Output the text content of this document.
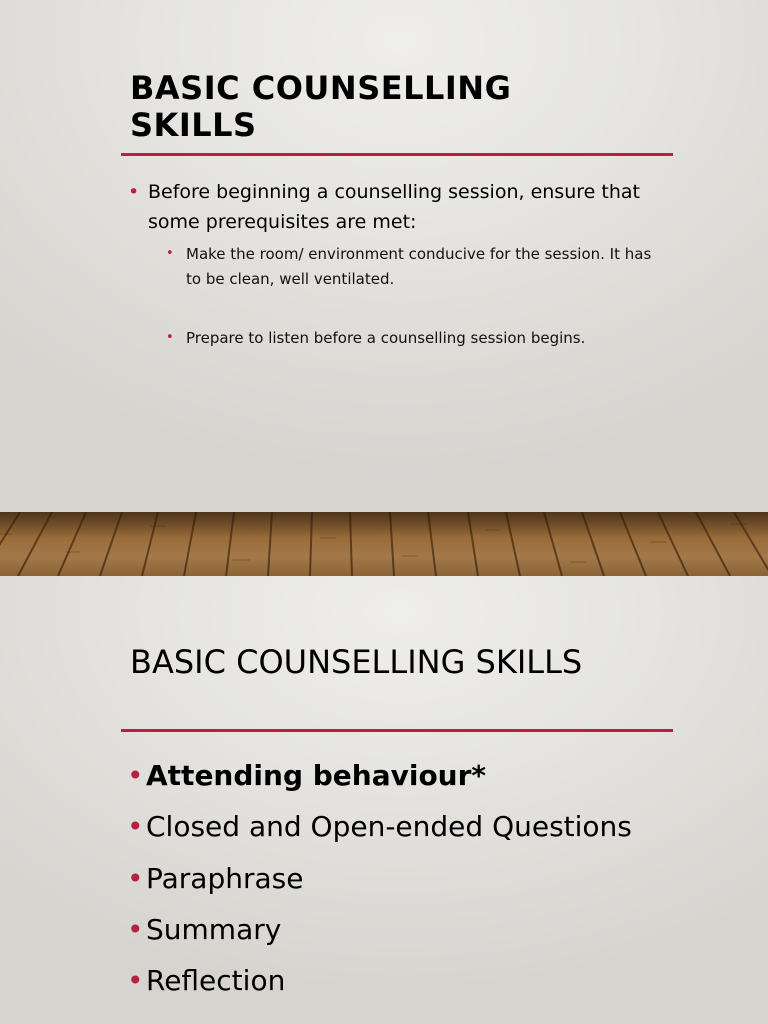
BASIC COUNSELLING
SKILLS
• Before beginning a counselling session, ensure that some prerequisites are met:
• Make the room/ environment conducive for the session. It has to be clean, well ventilated.
• Prepare to listen before a counselling session begins.
BASIC COUNSELLING SKILLS
• Attending behaviour*
• Closed and Open-ended Questions
• Paraphrase
• Summary
• Reflection
